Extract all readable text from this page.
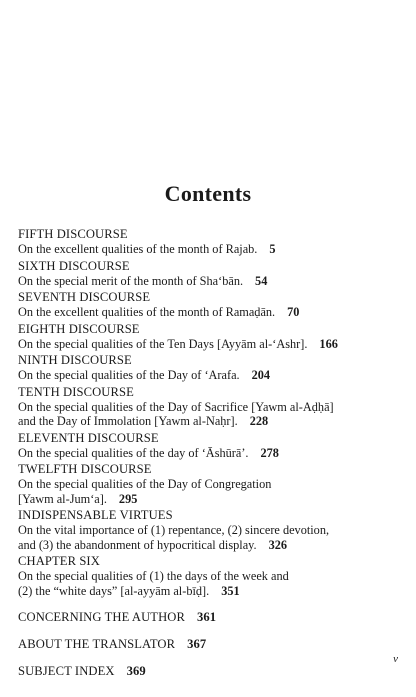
Contents
FIFTH DISCOURSE
On the excellent qualities of the month of Rajab. 5
SIXTH DISCOURSE
On the special merit of the month of Sha‘bān. 54
SEVENTH DISCOURSE
On the excellent qualities of the month of Ramaḍān. 70
EIGHTH DISCOURSE
On the special qualities of the Ten Days [Ayyām al-‘Ashr]. 166
NINTH DISCOURSE
On the special qualities of the Day of ‘Arafa. 204
TENTH DISCOURSE
On the special qualities of the Day of Sacrifice [Yawm al-Aḍḥā]
and the Day of Immolation [Yawm al-Naḥr]. 228
ELEVENTH DISCOURSE
On the special qualities of the day of ‘Āshūrā’. 278
TWELFTH DISCOURSE
On the special qualities of the Day of Congregation
[Yawm al-Jum‘a]. 295
INDISPENSABLE VIRTUES
On the vital importance of (1) repentance, (2) sincere devotion,
and (3) the abandonment of hypocritical display. 326
CHAPTER SIX
On the special qualities of (1) the days of the week and
(2) the “white days” [al-ayyām al-bīḍ]. 351
CONCERNING THE AUTHOR 361
ABOUT THE TRANSLATOR 367
SUBJECT INDEX 369
v
